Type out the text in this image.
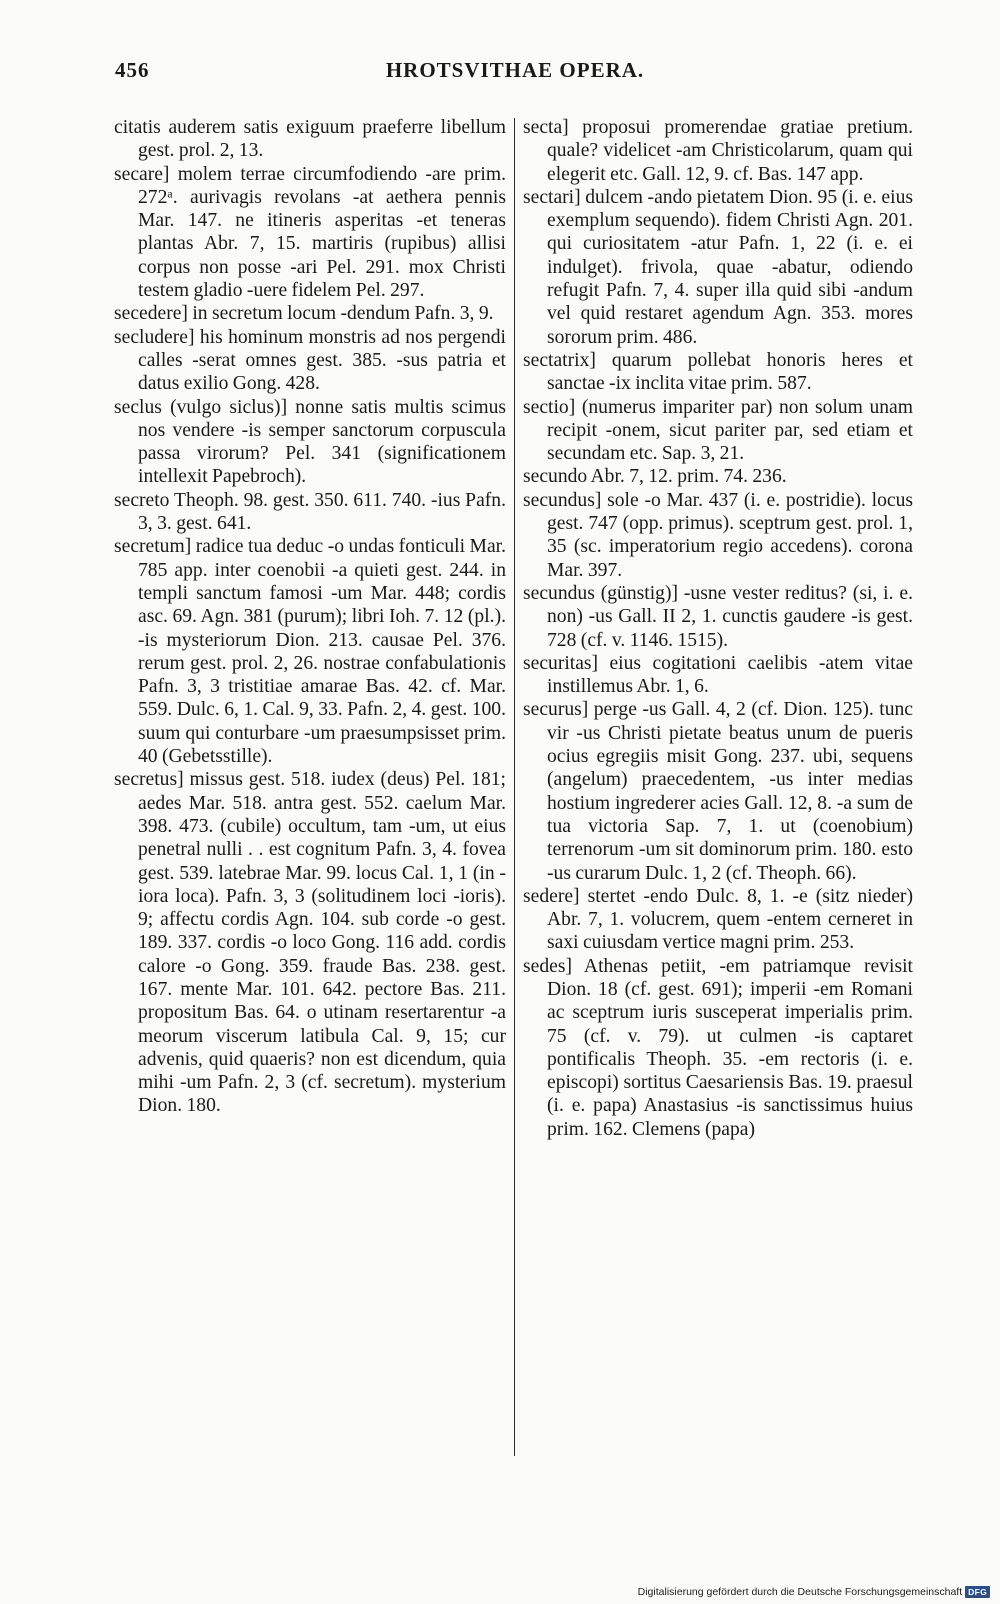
456	HROTSVITHAE OPERA.

citatis auderem satis exiguum praeferre libellum gest. prol. 2, 13.

secare] molem terrae circumfodiendo -are prim. 272ᵃ. aurivagis revolans -at aethera pennis Mar. 147. ne itineris asperitas -et teneras plantas Abr. 7, 15. martiris (rupibus) allisi corpus non posse -ari Pel. 291. mox Christi testem gladio -uere fidelem Pel. 297.

secedere] in secretum locum -dendum Pafn. 3, 9.

secludere] his hominum monstris ad nos pergendi calles -serat omnes gest. 385. -sus patria et datus exilio Gong. 428.

seclus (vulgo siclus)] nonne satis multis scimus nos vendere -is semper sanctorum corpuscula passa virorum? Pel. 341 (significationem intellexit Papebroch).

secreto Theoph. 98. gest. 350. 611. 740. -ius Pafn. 3, 3. gest. 641.

secretum] radice tua deduc -o undas fonticuli Mar. 785 app. inter coenobii -a quieti gest. 244. in templi sanctum famosi -um Mar. 448; cordis asc. 69. Agn. 381 (purum); libri Ioh. 7. 12 (pl.). -is mysteriorum Dion. 213. causae Pel. 376. rerum gest. prol. 2, 26. nostrae confabulationis Pafn. 3, 3 tristitiae amarae Bas. 42. cf. Mar. 559. Dulc. 6, 1. Cal. 9, 33. Pafn. 2, 4. gest. 100. suum qui conturbare -um praesumpsisset prim. 40 (Gebetsstille).

secretus] missus gest. 518. iudex (deus) Pel. 181; aedes Mar. 518. antra gest. 552. caelum Mar. 398. 473. (cubile) occultum, tam -um, ut eius penetral nulli . . est cognitum Pafn. 3, 4. fovea gest. 539. latebrae Mar. 99. locus Cal. 1, 1 (in -iora loca). Pafn. 3, 3 (solitudinem loci -ioris). 9; affectu cordis Agn. 104. sub corde -o gest. 189. 337. cordis -o loco Gong. 116 add. cordis calore -o Gong. 359. fraude Bas. 238. gest. 167. mente Mar. 101. 642. pectore Bas. 211. propositum Bas. 64. o utinam resertarentur -a meorum viscerum latibula Cal. 9, 15; cur advenis, quid quaeris? non est dicendum, quia mihi -um Pafn. 2, 3 (cf. secretum). mysterium Dion. 180.

secta] proposui promerendae gratiae pretium. quale? videlicet -am Christicolarum, quam qui elegerit etc. Gall. 12, 9. cf. Bas. 147 app.

sectari] dulcem -ando pietatem Dion. 95 (i. e. eius exemplum sequendo). fidem Christi Agn. 201. qui curiositatem -atur Pafn. 1, 22 (i. e. ei indulget). frivola, quae -abatur, odiendo refugit Pafn. 7, 4. super illa quid sibi -andum vel quid restaret agendum Agn. 353. mores sororum prim. 486.

sectatrix] quarum pollebat honoris heres et sanctae -ix inclita vitae prim. 587.

sectio] (numerus impariter par) non solum unam recipit -onem, sicut pariter par, sed etiam et secundam etc. Sap. 3, 21.

secundo Abr. 7, 12. prim. 74. 236.

secundus] sole -o Mar. 437 (i. e. postridie). locus gest. 747 (opp. primus). sceptrum gest. prol. 1, 35 (sc. imperatorium regio accedens). corona Mar. 397.

secundus (günstig)] -usne vester reditus? (si, i. e. non) -us Gall. II 2, 1. cunctis gaudere -is gest. 728 (cf. v. 1146. 1515).

securitas] eius cogitationi caelibis -atem vitae instillemus Abr. 1, 6.

securus] perge -us Gall. 4, 2 (cf. Dion. 125). tunc vir -us Christi pietate beatus unum de pueris ocius egregiis misit Gong. 237. ubi, sequens (angelum) praecedentem, -us inter medias hostium ingrederer acies Gall. 12, 8. -a sum de tua victoria Sap. 7, 1. ut (coenobium) terrenorum -um sit dominorum prim. 180. esto -us curarum Dulc. 1, 2 (cf. Theoph. 66).

sedere] stertet -endo Dulc. 8, 1. -e (sitz nieder) Abr. 7, 1. volucrem, quem -entem cerneret in saxi cuiusdam vertice magni prim. 253.

sedes] Athenas petiit, -em patriamque revisit Dion. 18 (cf. gest. 691); imperii -em Romani ac sceptrum iuris susceperat imperialis prim. 75 (cf. v. 79). ut culmen -is captaret pontificalis Theoph. 35. -em rectoris (i. e. episcopi) sortitus Caesariensis Bas. 19. praesul (i. e. papa) Anastasius -is sanctissimus huius prim. 162. Clemens (papa)

Digitalisierung gefördert durch die Deutsche Forschungsgemeinschaft DFG
